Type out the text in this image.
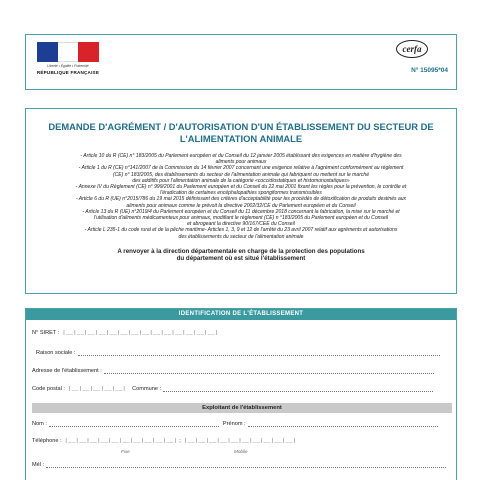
Liberté • Égalité • Fraternité
RÉPUBLIQUE FRANÇAISE
cerfa
N° 15095*04
DEMANDE D'AGRÉMENT / D'AUTORISATION D'UN ÉTABLISSEMENT DU SECTEUR DE
L'ALIMENTATION ANIMALE

- Article 10 du R (CE) n° 183/2005 du Parlement européen et du Conseil du 12 janvier 2005 établissant des exigences en matière d'hygiène des

aliments pour animaux

- Article 1 du R (CE) n°141/2007 de la Commission du 14 février 2007 concernant une exigence relative à l'agrément conformément au règlement

(CE) n° 183/2005, des établissements du secteur de l'alimentation animale qui fabriquent ou mettent sur le marché

des additifs pour l'alimentation animale de la catégorie «coccidiostatiques et histomonostatiques»

- Annexe IV du Règlement (CE) n° 999/2001 du Parlement européen et du Conseil du 22 mai 2001 fixant les règles pour la prévention, le contrôle et

l'éradication de certaines encéphalopathies spongiformes transmissibles

- Article 6 du R (UE) n°2015/786 du 19 mai 2015 définissant des critères d'acceptabilité pour les procédés de détoxification de produits destinés aux

aliments pour animaux comme le prévoit la directive 2002/32/CE du Parlement européen et du Conseil

- Article 13 du R (UE) n°2019/4 du Parlement européen et du Conseil du 11 décembre 2018 concernant la fabrication, la mise sur le marché et

l'utilisation d'aliments médicamenteux pour animaux, modifiant le règlement (CE) n °183/2005 du Parlement européen et du Conseil

et abrogeant la directive 90/167/CEE du Conseil

- Article L 235-1 du code rural et de la pêche maritime- Articles 1, 3, 9 et 12 de l'arrêté du 23 avril 2007 relatif aux agréments et autorisations

des établissements du secteur de l'alimentation animale

A renvoyer à la direction départementale en charge de la protection des populations
du département où est situé l'établissement
IDENTIFICATION DE L'ÉTABLISSEMENT
N° SIRET : |__|__|__|__|__|__|__|__|__|__|__|__|__|__|
Raison sociale :
Adresse de l'établissement :
Code postal : |__|__|__|__|__| Commune :
Exploitant de l'établissement
Nom :	Prénom :
Téléphone : |__|__|__|__|__|__|__|__|__|__| ; |__|__|__|__|__|__|__|__|__|__|
Fixe	Mobile
Mél :
